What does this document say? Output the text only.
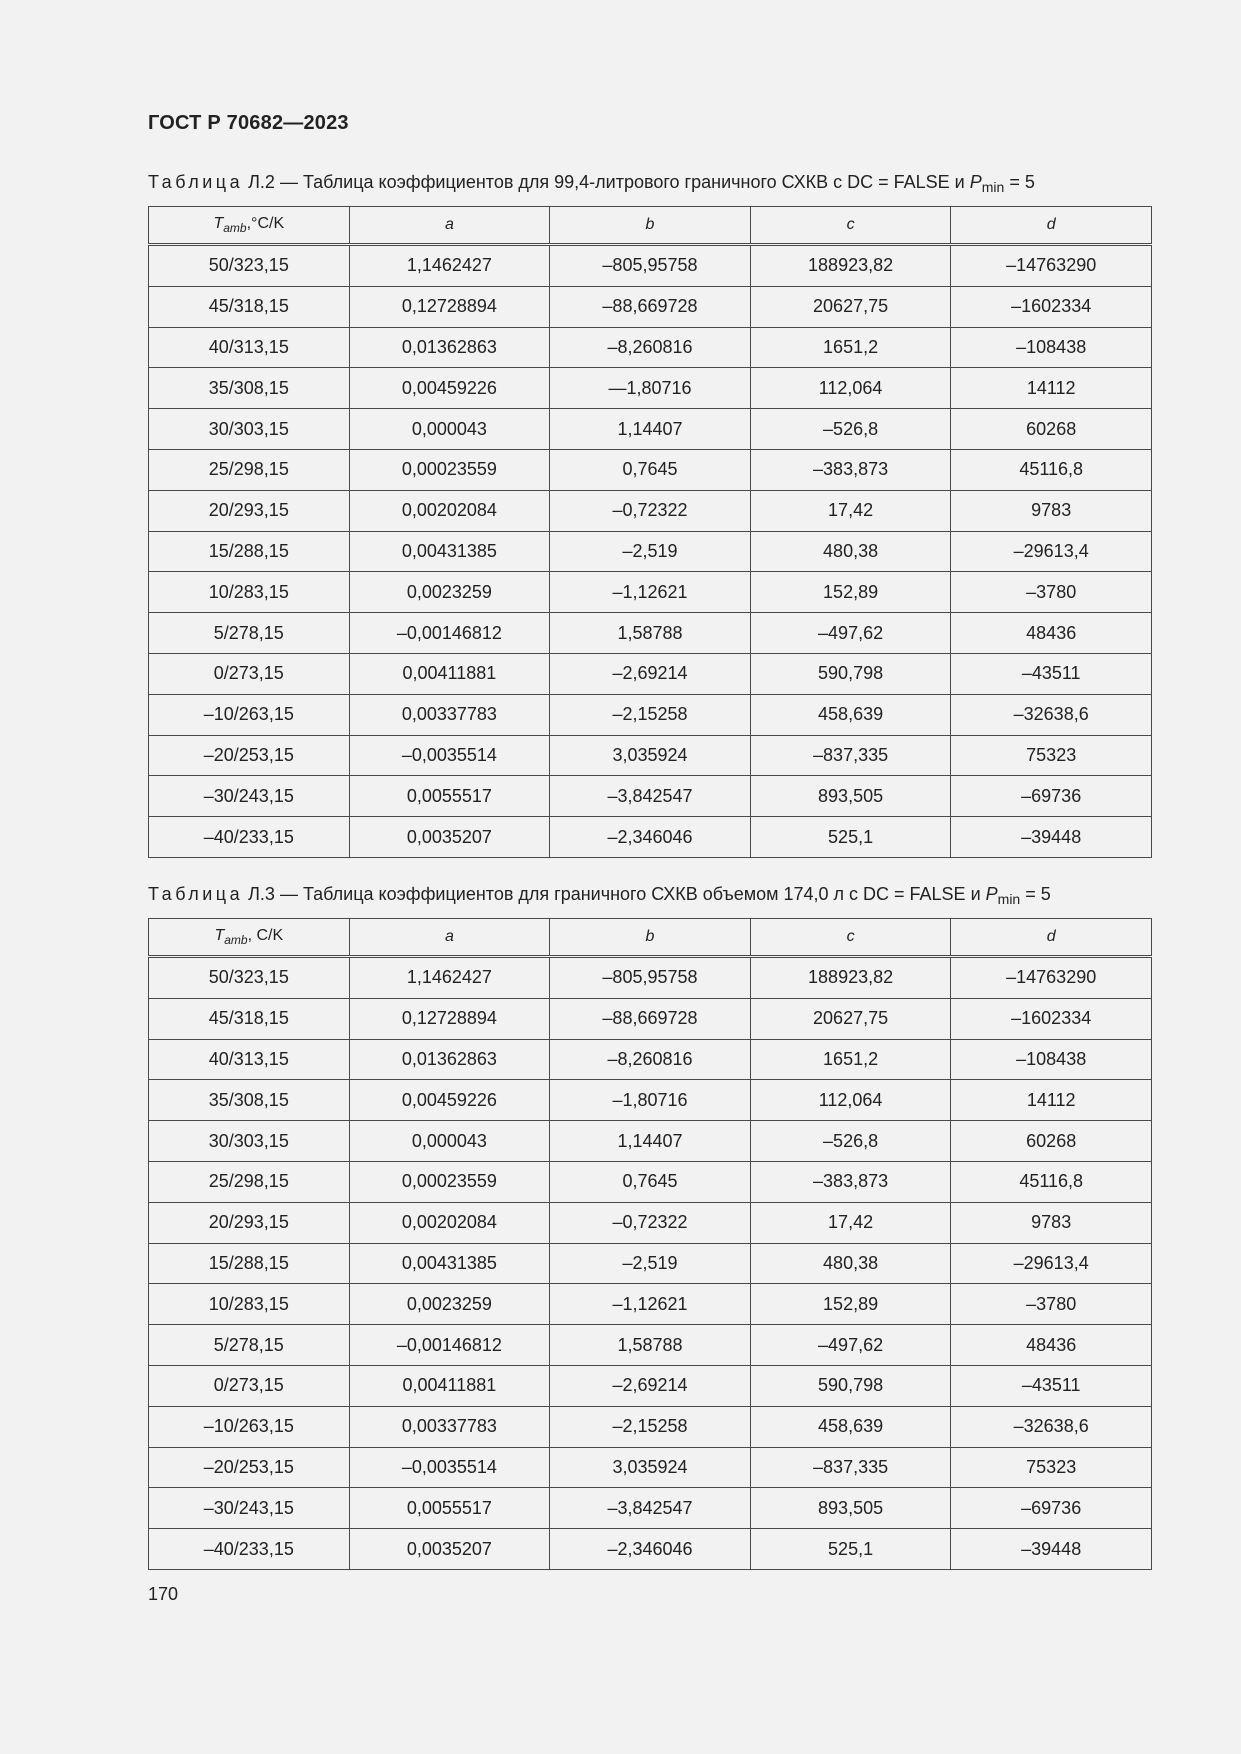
ГОСТ Р 70682—2023
Таблица Л.2 — Таблица коэффициентов для 99,4-литрового граничного СХКВ с DC = FALSE и $P_{min} = 5$
$T_{amb},^\circ C/K$	a	b	c	d
50/323,15	1,1462427	–805,95758	188923,82	–14763290
45/318,15	0,12728894	–88,669728	20627,75	–1602334
40/313,15	0,01362863	–8,260816	1651,2	–108438
35/308,15	0,00459226	—1,80716	112,064	14112
30/303,15	0,000043	1,14407	–526,8	60268
25/298,15	0,00023559	0,7645	–383,873	45116,8
20/293,15	0,00202084	–0,72322	17,42	9783
15/288,15	0,00431385	–2,519	480,38	–29613,4
10/283,15	0,0023259	–1,12621	152,89	–3780
5/278,15	–0,00146812	1,58788	–497,62	48436
0/273,15	0,00411881	–2,69214	590,798	–43511
–10/263,15	0,00337783	–2,15258	458,639	–32638,6
–20/253,15	–0,0035514	3,035924	–837,335	75323
–30/243,15	0,0055517	–3,842547	893,505	–69736
–40/233,15	0,0035207	–2,346046	525,1	–39448
Таблица Л.3 — Таблица коэффициентов для граничного СХКВ объемом 174,0 л с DC = FALSE и $P_{min} = 5$
$T_{amb}$, C/K	a	b	c	d
50/323,15	1,1462427	–805,95758	188923,82	–14763290
45/318,15	0,12728894	–88,669728	20627,75	–1602334
40/313,15	0,01362863	–8,260816	1651,2	–108438
35/308,15	0,00459226	–1,80716	112,064	14112
30/303,15	0,000043	1,14407	–526,8	60268
25/298,15	0,00023559	0,7645	–383,873	45116,8
20/293,15	0,00202084	–0,72322	17,42	9783
15/288,15	0,00431385	–2,519	480,38	–29613,4
10/283,15	0,0023259	–1,12621	152,89	–3780
5/278,15	–0,00146812	1,58788	–497,62	48436
0/273,15	0,00411881	–2,69214	590,798	–43511
–10/263,15	0,00337783	–2,15258	458,639	–32638,6
–20/253,15	–0,0035514	3,035924	–837,335	75323
–30/243,15	0,0055517	–3,842547	893,505	–69736
–40/233,15	0,0035207	–2,346046	525,1	–39448
170
